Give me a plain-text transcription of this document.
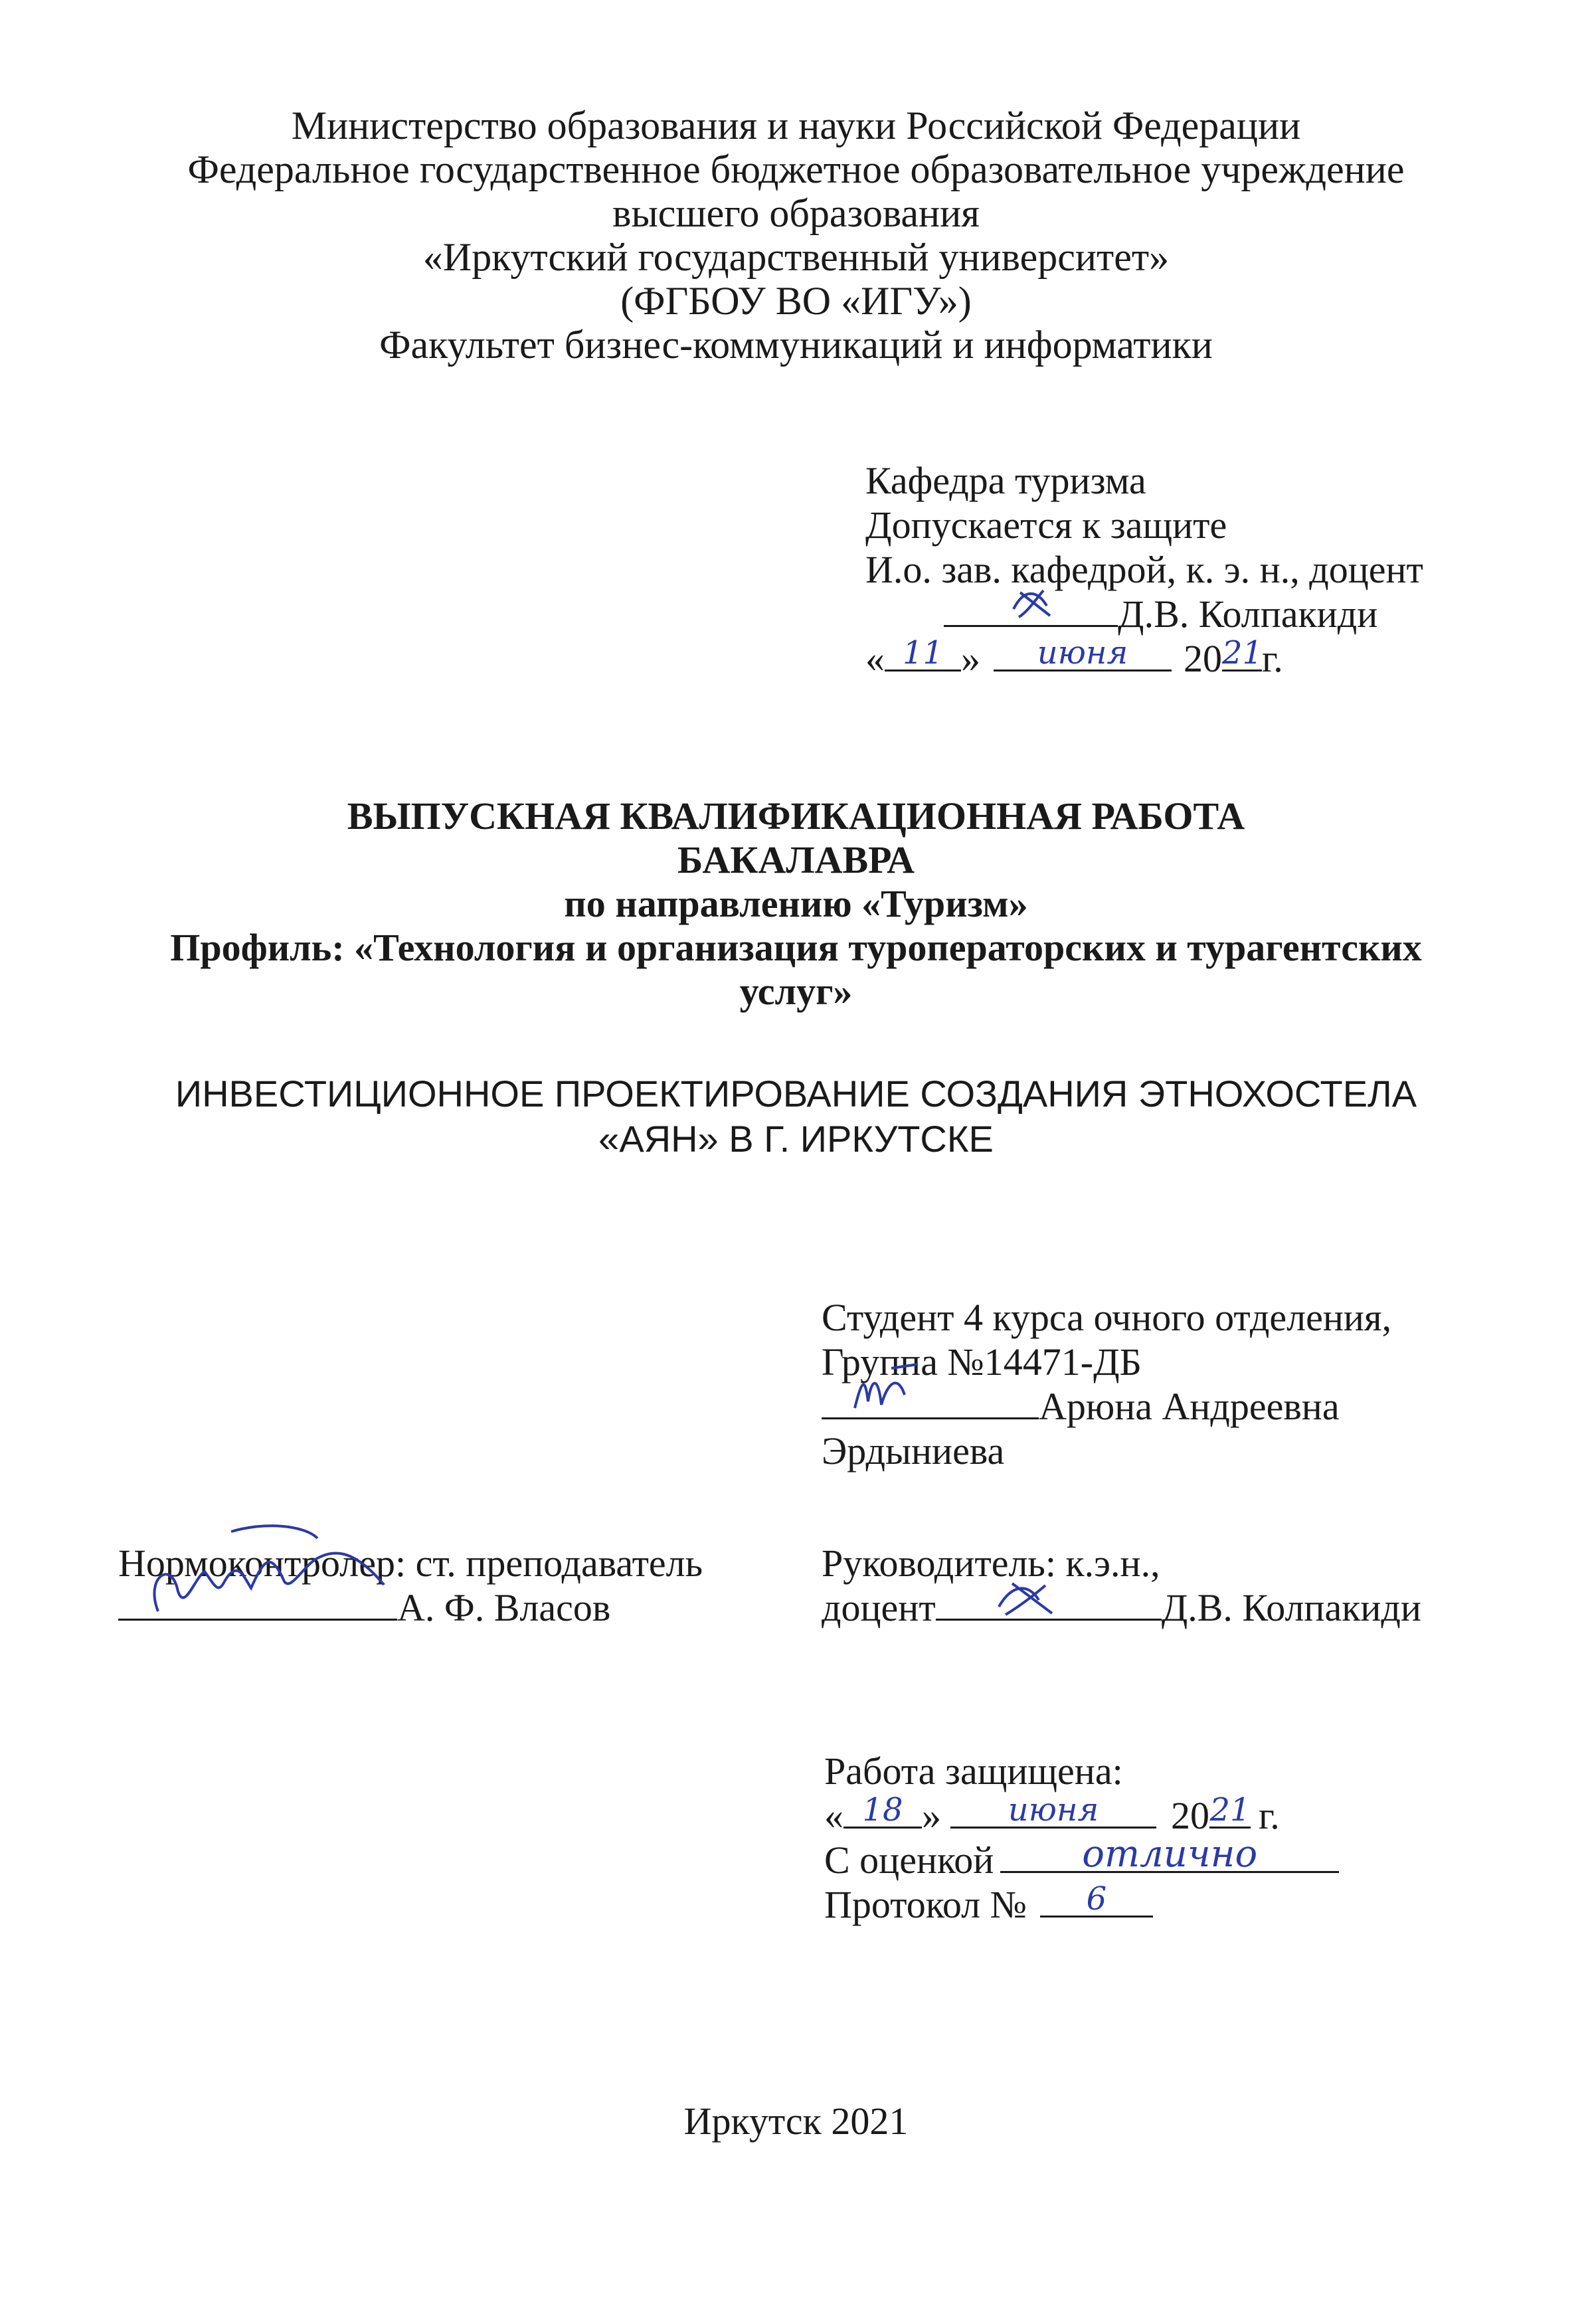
Министерство образования и науки Российской Федерации
Федеральное государственное бюджетное образовательное учреждение
высшего образования
«Иркутский государственный университет»
(ФГБОУ ВО «ИГУ»)
Факультет бизнес-коммуникаций и информатики
Кафедра туризма
Допускается к защите
И.о. зав. кафедрой, к. э. н., доцент
Д.В. Колпакиди
« 11 »	июня	20 21
г.
ВЫПУСКНАЯ КВАЛИФИКАЦИОННАЯ РАБОТА
БАКАЛАВРА
по направлению «Туризм»
Профиль: «Технология и организация туроператорских и турагентских
услуг»
ИНВЕСТИЦИОННОЕ ПРОЕКТИРОВАНИЕ СОЗДАНИЯ ЭТНОХОСТЕЛА
«АЯН» В Г. ИРКУТСКЕ
Студент 4 курса очного отделения,
Группа №14471-ДБ
Арюна Андреевна
Эрдыниева
Нормоконтролер: ст. преподаватель
А. Ф. Власов
Руководитель: к.э.н.,
доцент	Д.В. Колпакиди
Работа защищена:
« 18 »	июня	20 21 г.
С оценкой	отлично
Протокол №	6
Иркутск 2021
